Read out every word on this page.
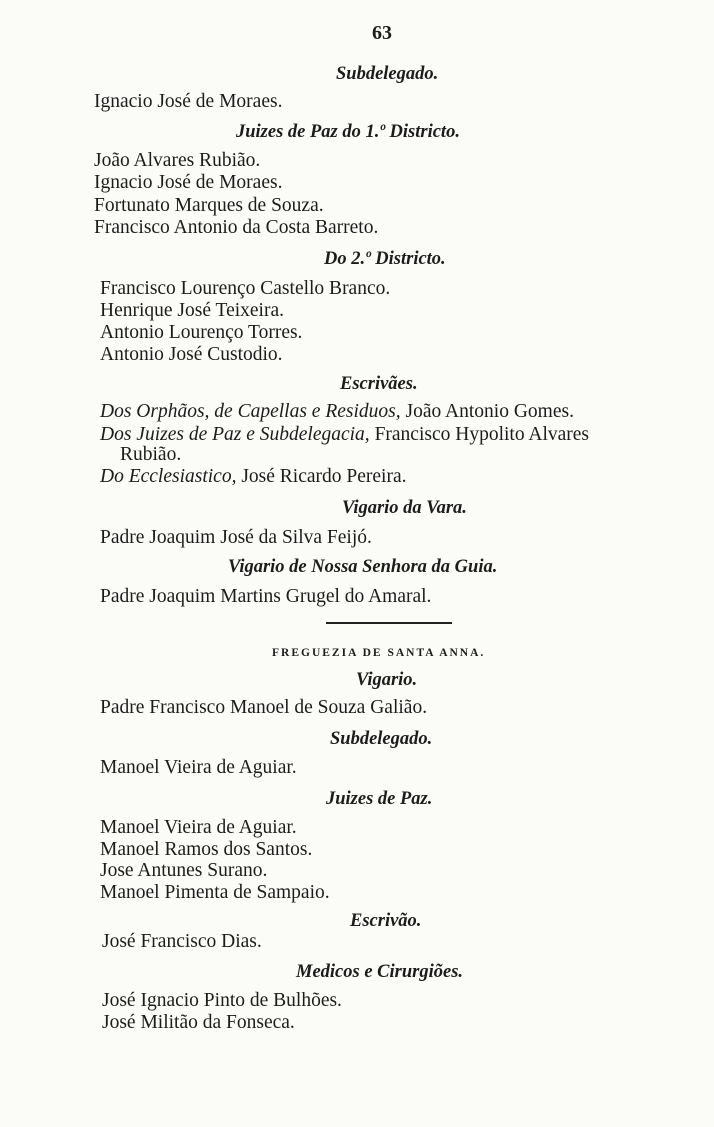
63
Subdelegado.
Ignacio José de Moraes.
Juizes de Paz do 1.º Districto.
João Alvares Rubião.
Ignacio José de Moraes.
Fortunato Marques de Souza.
Francisco Antonio da Costa Barreto.
Do 2.º Districto.
Francisco Lourenço Castello Branco.
Henrique José Teixeira.
Antonio Lourenço Torres.
Antonio José Custodio.
Escrivães.
Dos Orphãos, de Capellas e Residuos, João Antonio Gomes.
Dos Juizes de Paz e Subdelegacia, Francisco Hypolito Alvares
Rubião.
Do Ecclesiastico, José Ricardo Pereira.
Vigario da Vara.
Padre Joaquim José da Silva Feijó.
Vigario de Nossa Senhora da Guia.
Padre Joaquim Martins Grugel do Amaral.
FREGUEZIA DE SANTA ANNA.
Vigario.
Padre Francisco Manoel de Souza Galião.
Subdelegado.
Manoel Vieira de Aguiar.
Juizes de Paz.
Manoel Vieira de Aguiar.
Manoel Ramos dos Santos.
Jose Antunes Surano.
Manoel Pimenta de Sampaio.
Escrivão.
José Francisco Dias.
Medicos e Cirurgiões.
José Ignacio Pinto de Bulhões.
José Militão da Fonseca.
